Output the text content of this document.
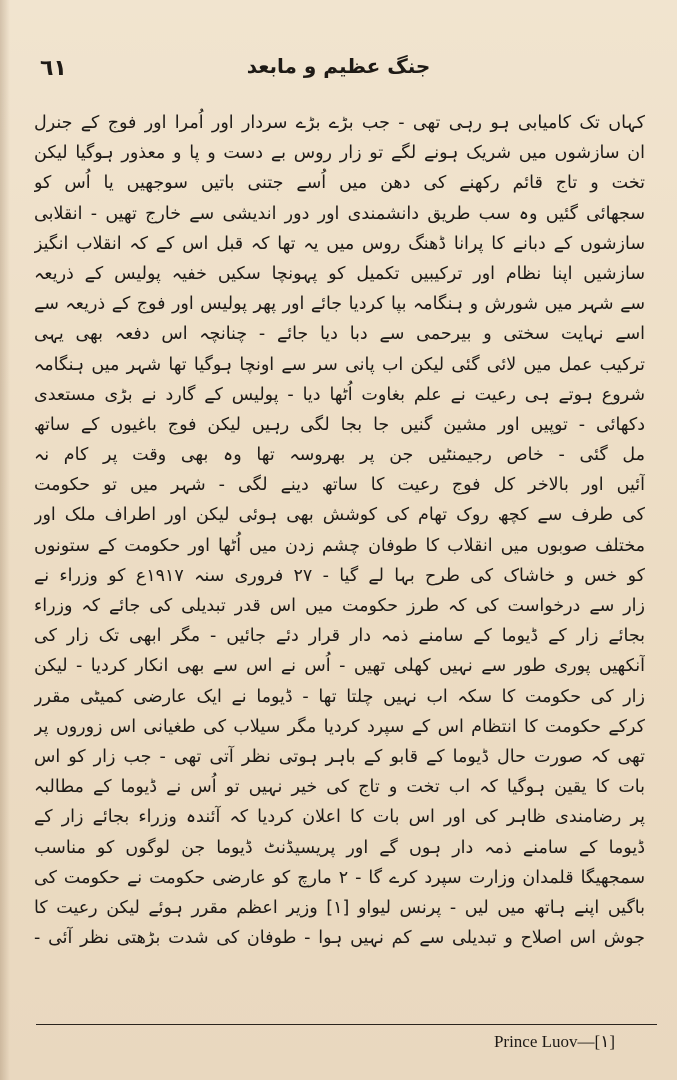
٦١	جنگ عظیم و مابعد
کہاں تک کامیابی ہو رہی تھی - جب بڑے بڑے سردار اور اُمرا اور فوج کے جنرل
ان سازشوں میں شریک ہونے لگے تو زار روس بے دست و پا و معذور ہوگیا لیکن
تخت و تاج قائم رکھنے کی دھن میں اُسے جتنی باتیں سوجھیں یا اُس کو
سجھائی گئیں وہ سب طریق دانشمندی اور دور اندیشی سے خارج تھیں - انقلابی
سازشوں کے دبانے کا پرانا ڈھنگ روس میں یہ تھا کہ قبل اس کے کہ انقلاب انگیز
سازشیں اپنا نظام اور ترکیبیں تکمیل کو پہونچا سکیں خفیہ پولیس کے ذریعہ
سے شہر میں شورش و ہنگامہ بپا کردیا جائے اور پھر پولیس اور فوج کے ذریعہ سے
اسے نہایت سختی و بیرحمی سے دبا دیا جائے - چنانچہ اس دفعہ بھی یہی
ترکیب عمل میں لائی گئی لیکن اب پانی سر سے اونچا ہوگیا تھا شہر میں ہنگامہ
شروع ہوتے ہی رعیت نے علم بغاوت اُٹھا دیا - پولیس کے گارد نے بڑی مستعدی
دکھائی - توپیں اور مشین گنیں جا بجا لگی رہیں لیکن فوج باغیوں کے ساتھ
مل گئی - خاص رجیمنٹیں جن پر بھروسہ تھا وہ بھی وقت پر کام نہ
آئیں اور بالاخر کل فوج رعیت کا ساتھ دینے لگی - شہر میں تو حکومت
کی طرف سے کچھ روک تھام کی کوشش بھی ہوئی لیکن اور اطراف ملک اور
مختلف صوبوں میں انقلاب کا طوفان چشم زدن میں اُٹھا اور حکومت کے ستونوں
کو خس و خاشاک کی طرح بہا لے گیا - ۲۷ فروری سنہ ۱۹۱۷ع کو وزراء نے
زار سے درخواست کی کہ طرز حکومت میں اس قدر تبدیلی کی جائے کہ وزراء
بجائے زار کے ڈیوما کے سامنے ذمہ دار قرار دئے جائیں - مگر ابھی تک زار کی
آنکھیں پوری طور سے نہیں کھلی تھیں - اُس نے اس سے بھی انکار کردیا - لیکن
زار کی حکومت کا سکہ اب نہیں چلتا تھا - ڈیوما نے ایک عارضی کمیٹی مقرر
کرکے حکومت کا انتظام اس کے سپرد کردیا مگر سیلاب کی طغیانی اس زوروں پر
تھی کہ صورت حال ڈیوما کے قابو کے باہر ہوتی نظر آتی تھی - جب زار کو اس
بات کا یقین ہوگیا کہ اب تخت و تاج کی خیر نہیں تو اُس نے ڈیوما کے مطالبہ
پر رضامندی ظاہر کی اور اس بات کا اعلان کردیا کہ آئندہ وزراء بجائے زار کے
ڈیوما کے سامنے ذمہ دار ہوں گے اور پریسیڈنٹ ڈیوما جن لوگوں کو مناسب
سمجھیگا قلمدان وزارت سپرد کرے گا - ۲ مارچ کو عارضی حکومت نے حکومت کی
باگیں اپنے ہاتھ میں لیں - پرنس لیواو [۱] وزیر اعظم مقرر ہوئے لیکن رعیت کا
جوش اس اصلاح و تبدیلی سے کم نہیں ہوا - طوفان کی شدت بڑھتی نظر آئی -
Prince Luov—[۱]
